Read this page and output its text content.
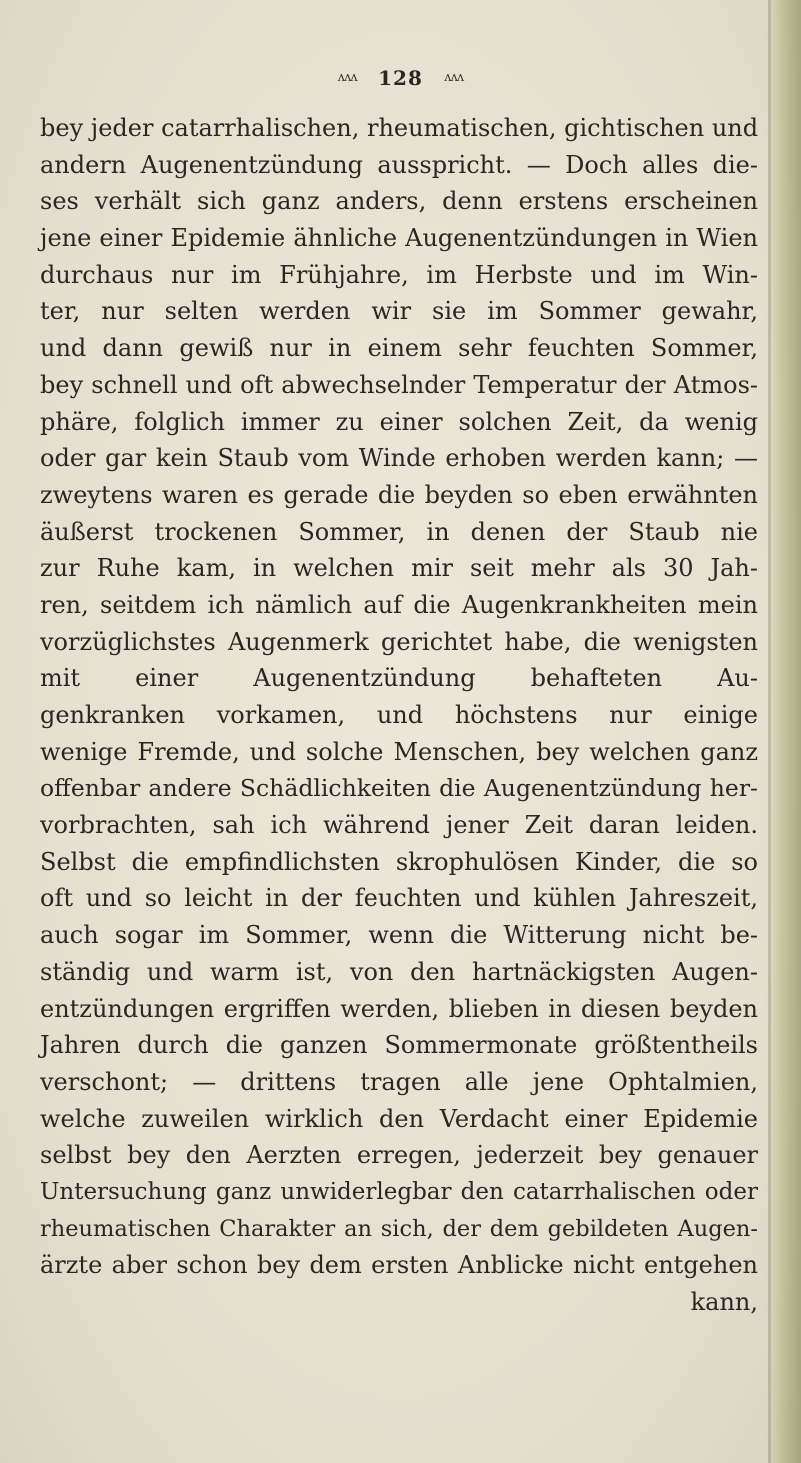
ᴧᴧᴧ 128 ᴧᴧᴧ
bey jeder catarrhalischen, rheumatischen, gichtischen und
andern Augenentzündung ausspricht. — Doch alles die-
ses verhält sich ganz anders, denn erstens erscheinen
jene einer Epidemie ähnliche Augenentzündungen in Wien
durchaus nur im Frühjahre, im Herbste und im Win-
ter, nur selten werden wir sie im Sommer gewahr,
und dann gewiß nur in einem sehr feuchten Sommer,
bey schnell und oft abwechselnder Temperatur der Atmos-
phäre, folglich immer zu einer solchen Zeit, da wenig
oder gar kein Staub vom Winde erhoben werden kann; —
zweytens waren es gerade die beyden so eben erwähnten
äußerst trockenen Sommer, in denen der Staub nie
zur Ruhe kam, in welchen mir seit mehr als 30 Jah-
ren, seitdem ich nämlich auf die Augenkrankheiten mein
vorzüglichstes Augenmerk gerichtet habe, die wenigsten
mit einer Augenentzündung behafteten Au-
genkranken vorkamen, und höchstens nur einige
wenige Fremde, und solche Menschen, bey welchen ganz
offenbar andere Schädlichkeiten die Augenentzündung her-
vorbrachten, sah ich während jener Zeit daran leiden.
Selbst die empfindlichsten skrophulösen Kinder, die so
oft und so leicht in der feuchten und kühlen Jahreszeit,
auch sogar im Sommer, wenn die Witterung nicht be-
ständig und warm ist, von den hartnäckigsten Augen-
entzündungen ergriffen werden, blieben in diesen beyden
Jahren durch die ganzen Sommermonate größtentheils
verschont; — drittens tragen alle jene Ophtalmien,
welche zuweilen wirklich den Verdacht einer Epidemie
selbst bey den Aerzten erregen, jederzeit bey genauer
Untersuchung ganz unwiderlegbar den catarrhalischen oder
rheumatischen Charakter an sich, der dem gebildeten Augen-
ärzte aber schon bey dem ersten Anblicke nicht entgehen
kann,
